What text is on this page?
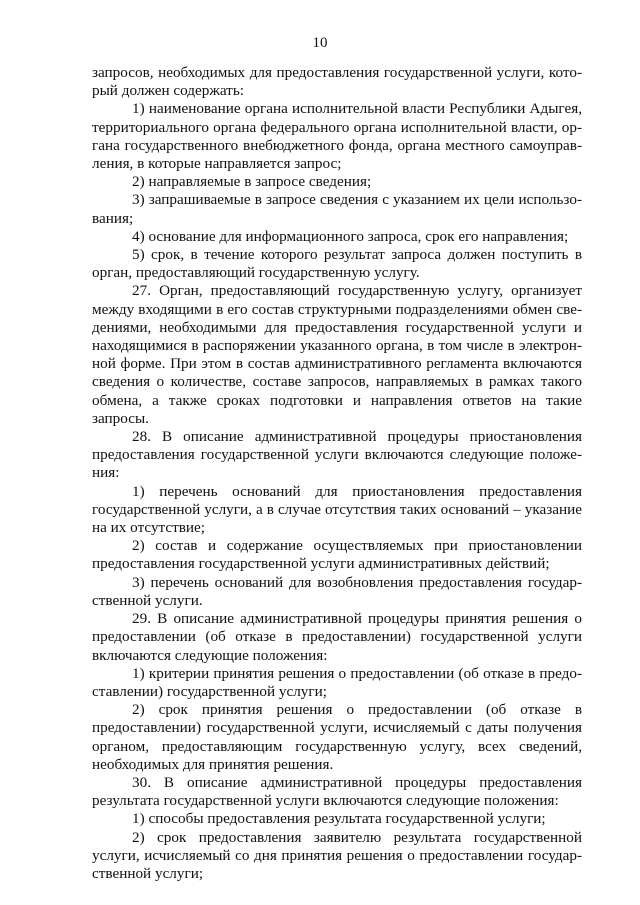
10

запросов, необходимых для предоставления государственной услуги, который должен содержать:

1) наименование органа исполнительной власти Республики Адыгея, территориального органа федерального органа исполнительной власти, органа государственного внебюджетного фонда, органа местного самоуправления, в которые направляется запрос;

2) направляемые в запросе сведения;

3) запрашиваемые в запросе сведения с указанием их цели использования;

4) основание для информационного запроса, срок его направления;

5) срок, в течение которого результат запроса должен поступить в орган, предоставляющий государственную услугу.

27. Орган, предоставляющий государственную услугу, организует между входящими в его состав структурными подразделениями обмен сведениями, необходимыми для предоставления государственной услуги и находящимися в распоряжении указанного органа, в том числе в электронной форме. При этом в состав административного регламента включаются сведения о количестве, составе запросов, направляемых в рамках такого обмена, а также сроках подготовки и направления ответов на такие запросы.

28. В описание административной процедуры приостановления предоставления государственной услуги включаются следующие положения:

1) перечень оснований для приостановления предоставления государственной услуги, а в случае отсутствия таких оснований – указание на их отсутствие;

2) состав и содержание осуществляемых при приостановлении предоставления государственной услуги административных действий;

3) перечень оснований для возобновления предоставления государственной услуги.

29. В описание административной процедуры принятия решения о предоставлении (об отказе в предоставлении) государственной услуги включаются следующие положения:

1) критерии принятия решения о предоставлении (об отказе в предоставлении) государственной услуги;

2) срок принятия решения о предоставлении (об отказе в предоставлении) государственной услуги, исчисляемый с даты получения органом, предоставляющим государственную услугу, всех сведений, необходимых для принятия решения.

30. В описание административной процедуры предоставления результата государственной услуги включаются следующие положения:

1) способы предоставления результата государственной услуги;

2) срок предоставления заявителю результата государственной услуги, исчисляемый со дня принятия решения о предоставлении государственной услуги;
